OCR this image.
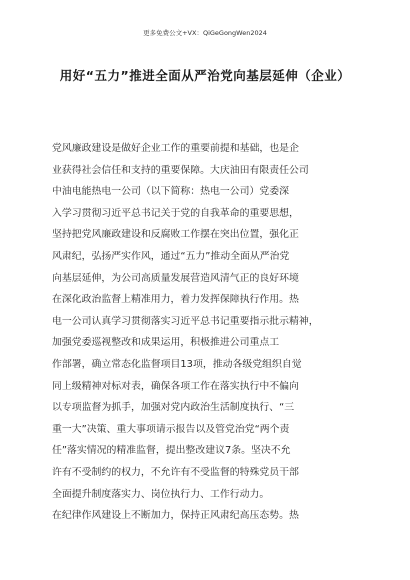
更多免费公文+VX：QiGeGongWen2024
用好“五力”推进全面从严治党向基层延伸（企业）
党风廉政建设是做好企业工作的重要前提和基础，也是企
业获得社会信任和支持的重要保障。大庆油田有限责任公司
中油电能热电一公司（以下简称：热电一公司）党委深
入学习贯彻习近平总书记关于党的自我革命的重要思想，
坚持把党风廉政建设和反腐败工作摆在突出位置，强化正
风肃纪，弘扬严实作风，通过“五力”推动全面从严治党
向基层延伸，为公司高质量发展营造风清气正的良好环境
在深化政治监督上精准用力，着力发挥保障执行作用。热
电一公司认真学习贯彻落实习近平总书记重要指示批示精神，
加强党委巡视整改和成果运用，积极推进公司重点工
作部署，确立常态化监督项目13项，推动各级党组织自觉
同上级精神对标对表，确保各项工作在落实执行中不偏向
以专项监督为抓手，加强对党内政治生活制度执行、“三
重一大”决策、重大事项请示报告以及管党治党“两个责
任”落实情况的精准监督，提出整改建议7条。坚决不允
许有不受制约的权力，不允许有不受监督的特殊党员干部
全面提升制度落实力、岗位执行力、工作行动力。
在纪律作风建设上不断加力，保持正风肃纪高压态势。热
